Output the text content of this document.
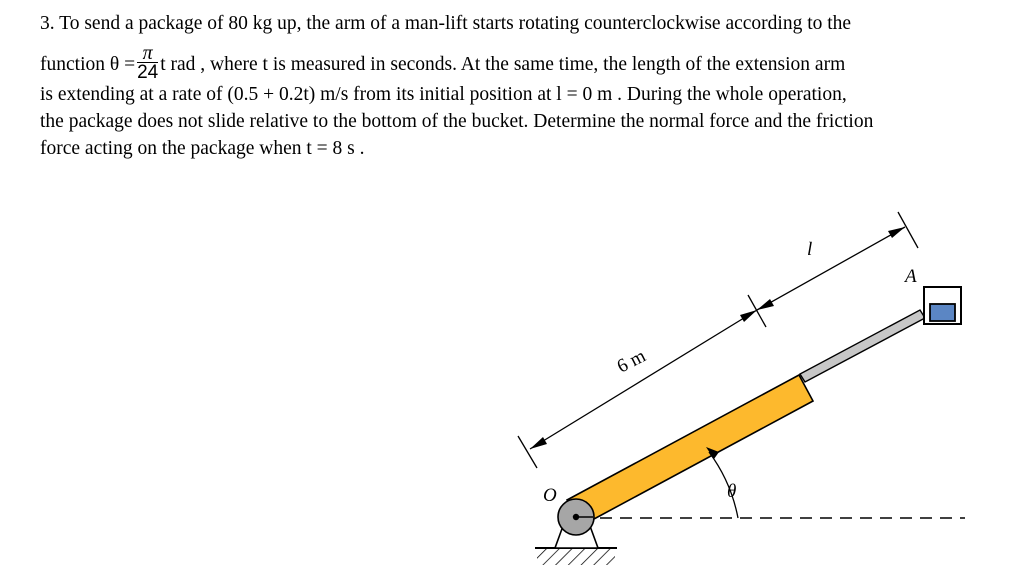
3. To send a package of 80 kg up, the arm of a man-lift starts rotating counterclockwise according to the
function $\theta = \frac{\pi}{24}$ t rad , where t is measured in seconds. At the same time, the length of the extension arm
is extending at a rate of (0.5 + 0.2t) m/s from its initial position at l = 0 m . During the whole operation,
the package does not slide relative to the bottom of the bucket. Determine the normal force and the friction
force acting on the package when t = 8 s .
O
A
θ
6 m
l
